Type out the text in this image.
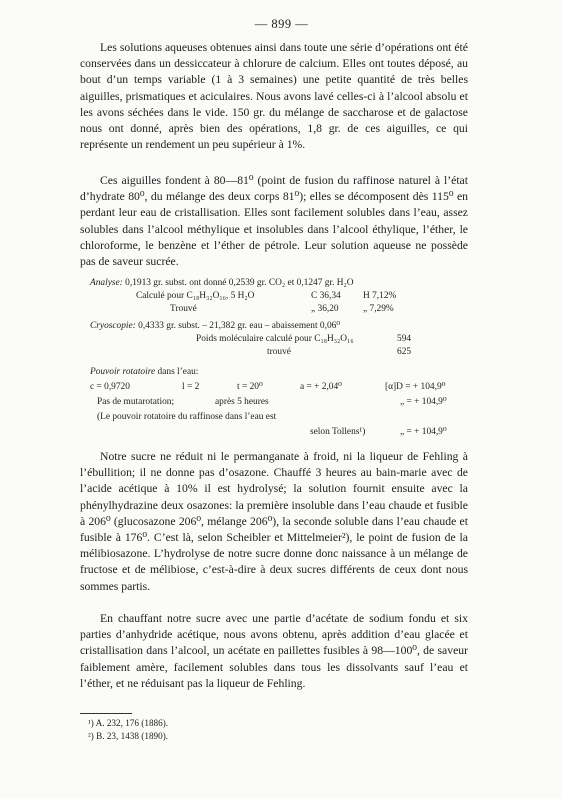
— 899 —

Les solutions aqueuses obtenues ainsi dans toute une série d’opérations ont été conservées dans un dessiccateur à chlorure de calcium. Elles ont toutes déposé, au bout d’un temps variable (1 à 3 semaines) une petite quantité de très belles aiguilles, prismatiques et aciculaires. Nous avons lavé celles-ci à l’alcool absolu et les avons séchées dans le vide. 150 gr. du mélange de saccharose et de galactose nous ont donné, après bien des opérations, 1,8 gr. de ces aiguilles, ce qui représente un rendement un peu supérieur à 1%.

Ces aiguilles fondent à 80—81⁰ (point de fusion du raffinose naturel à l’état d’hydrate 80⁰, du mélange des deux corps 81⁰); elles se décomposent dès 115⁰ en perdant leur eau de cristallisation. Elles sont facilement solubles dans l’eau, assez solubles dans l’alcool méthylique et insolubles dans l’alcool éthylique, l’éther, le chloroforme, le benzène et l’éther de pétrole. Leur solution aqueuse ne possède pas de saveur sucrée.

Analyse: 0,1913 gr. subst. ont donné 0,2539 gr. CO₂ et 0,1247 gr. H₂O
Calculé pour C₁₈H₃₂O₁₆, 5 H₂O	C 36,34 H 7,12%
Trouvé	„ 36,20	„ 7,29%
Cryoscopie: 0,4333 gr. subst. – 21,382 gr. eau – abaissement 0,06⁰
Poids moléculaire calculé pour C₁₈H₃₂O₁₆	594
trouvé	625
Pouvoir rotatoire dans l’eau:
c = 0,9720	l = 2	t = 20⁰	a = + 2,04⁰	[α]D = + 104,9⁰
Pas de mutarotation;	après 5 heures	„ = + 104,9⁰
(Le pouvoir rotatoire du raffinose dans l’eau est
selon Tollens¹)	„ = + 104,9⁰

Notre sucre ne réduit ni le permanganate à froid, ni la liqueur de Fehling à l’ébullition; il ne donne pas d’osazone. Chauffé 3 heures au bain-marie avec de l’acide acétique à 10% il est hydrolysé; la solution fournit ensuite avec la phénylhydrazine deux osazones: la première insoluble dans l’eau chaude et fusible à 206⁰ (glucosazone 206⁰, mélange 206⁰), la seconde soluble dans l’eau chaude et fusible à 176⁰. C’est là, selon Scheibler et Mittelmeier²), le point de fusion de la mélibiosazone. L’hydrolyse de notre sucre donne donc naissance à un mélange de fructose et de mélibiose, c’est-à-dire à deux sucres différents de ceux dont nous sommes partis.

En chauffant notre sucre avec une partie d’acétate de sodium fondu et six parties d’anhydride acétique, nous avons obtenu, après addition d’eau glacée et cristallisation dans l’alcool, un acétate en paillettes fusibles à 98—100⁰, de saveur faiblement amère, facilement solubles dans tous les dissolvants sauf l’eau et l’éther, et ne réduisant pas la liqueur de Fehling.

¹) A. 232, 176 (1886).
²) B. 23, 1438 (1890).
